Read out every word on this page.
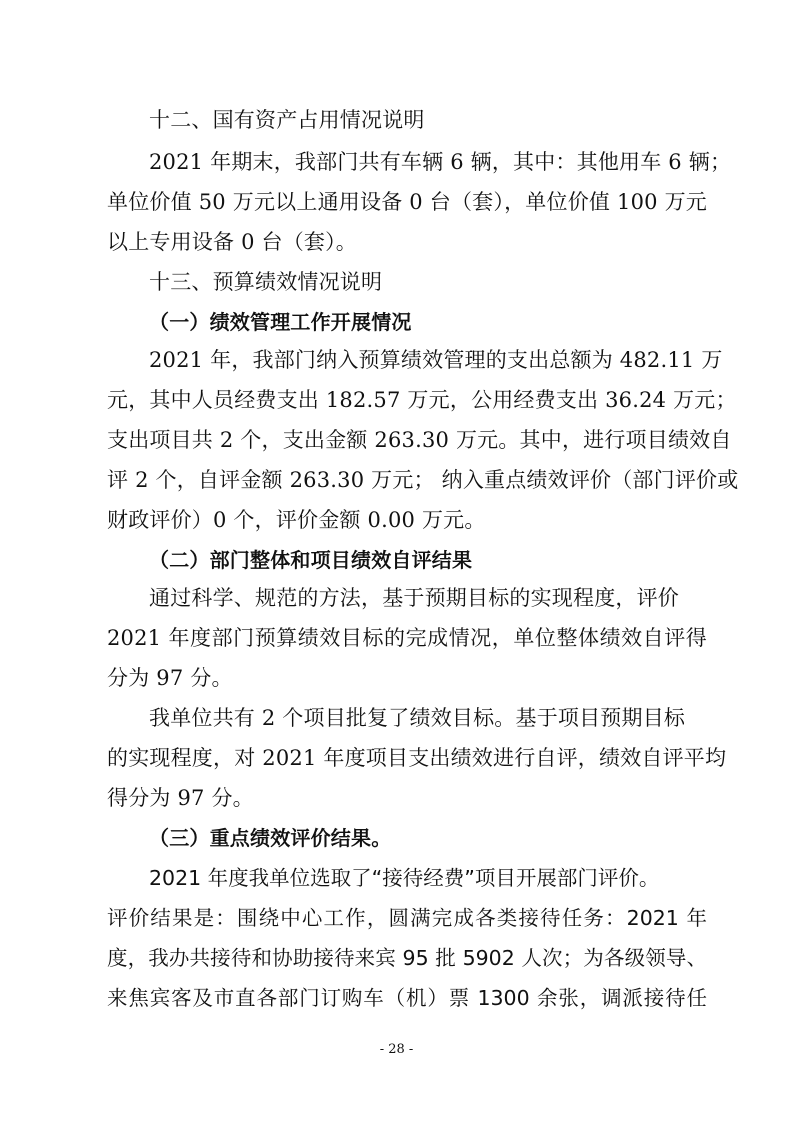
十二、国有资产占用情况说明
2021 年期末，我部门共有车辆 6 辆，其中：其他用车 6 辆；
单位价值 50 万元以上通用设备 0 台（套），单位价值 100 万元
以上专用设备 0 台（套）。
十三、预算绩效情况说明
（一）绩效管理工作开展情况
2021 年，我部门纳入预算绩效管理的支出总额为 482.11 万
元，其中人员经费支出 182.57 万元，公用经费支出 36.24 万元；
支出项目共 2 个，支出金额 263.30 万元。其中，进行项目绩效自
评 2 个，自评金额 263.30 万元； 纳入重点绩效评价（部门评价或
财政评价）0 个，评价金额 0.00 万元。
（二）部门整体和项目绩效自评结果
通过科学、规范的方法，基于预期目标的实现程度，评价
2021 年度部门预算绩效目标的完成情况，单位整体绩效自评得
分为 97 分。
我单位共有 2 个项目批复了绩效目标。基于项目预期目标
的实现程度，对 2021 年度项目支出绩效进行自评，绩效自评平均
得分为 97 分。
（三）重点绩效评价结果。
2021 年度我单位选取了“接待经费”项目开展部门评价。
评价结果是：围绕中心工作，圆满完成各类接待任务：2021 年
度，我办共接待和协助接待来宾 95 批 5902 人次；为各级领导、
来焦宾客及市直各部门订购车（机）票 1300 余张，调派接待任
- 28 -
